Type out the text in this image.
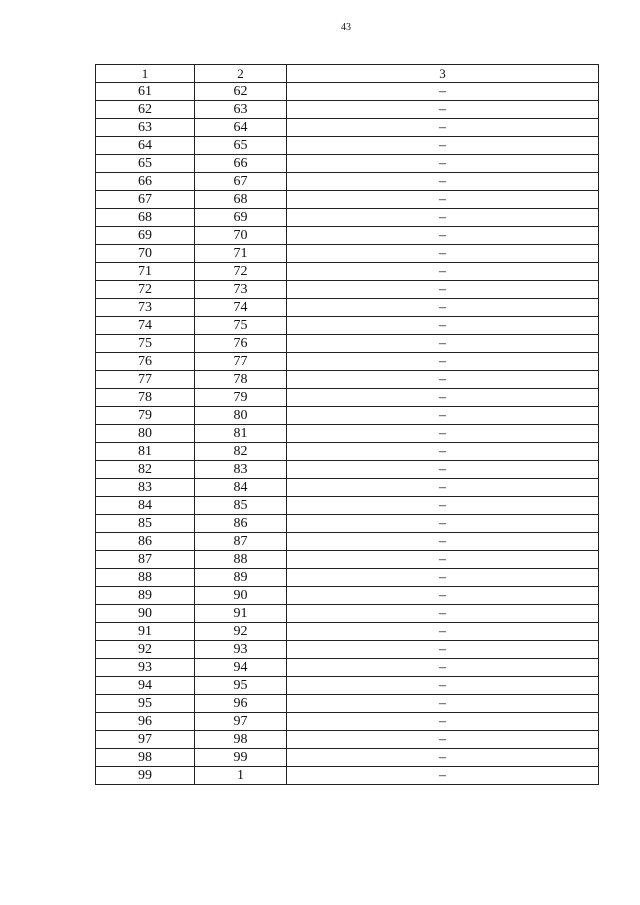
43
1	2	3
61	62	–
62	63	–
63	64	–
64	65	–
65	66	–
66	67	–
67	68	–
68	69	–
69	70	–
70	71	–
71	72	–
72	73	–
73	74	–
74	75	–
75	76	–
76	77	–
77	78	–
78	79	–
79	80	–
80	81	–
81	82	–
82	83	–
83	84	–
84	85	–
85	86	–
86	87	–
87	88	–
88	89	–
89	90	–
90	91	–
91	92	–
92	93	–
93	94	–
94	95	–
95	96	–
96	97	–
97	98	–
98	99	–
99	1	–
